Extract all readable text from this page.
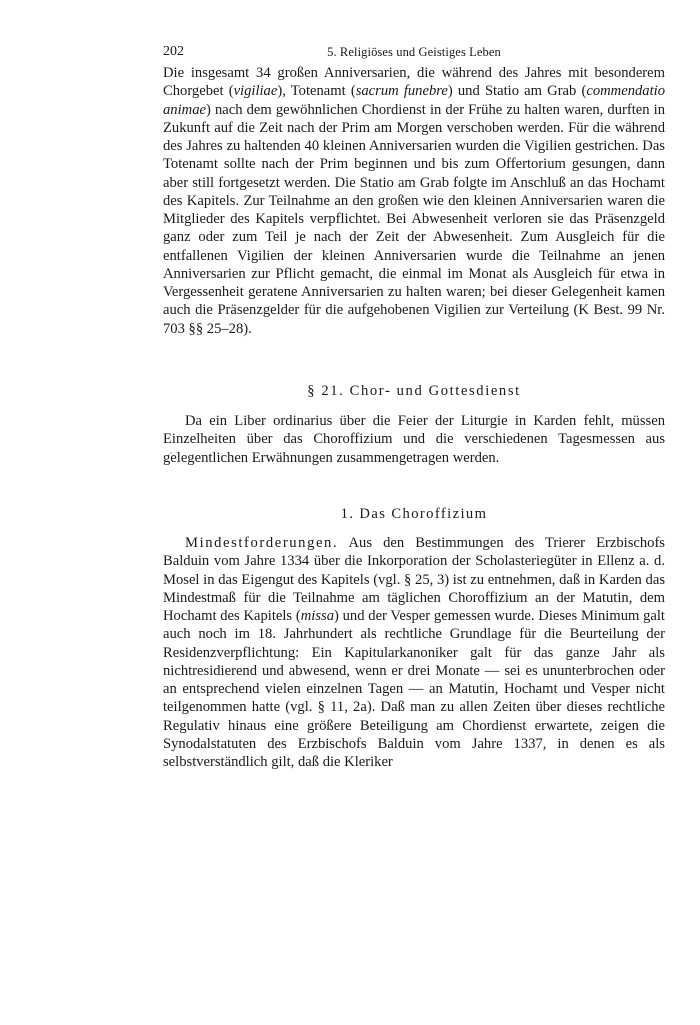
202	5. Religiöses und Geistiges Leben

Die insgesamt 34 großen Anniversarien, die während des Jahres mit besonderem Chorgebet (vigiliae), Totenamt (sacrum funebre) und Statio am Grab (commendatio animae) nach dem gewöhnlichen Chordienst in der Frühe zu halten waren, durften in Zukunft auf die Zeit nach der Prim am Morgen verschoben werden. Für die während des Jahres zu haltenden 40 kleinen Anniversarien wurden die Vigilien gestrichen. Das Totenamt sollte nach der Prim beginnen und bis zum Offertorium gesungen, dann aber still fortgesetzt werden. Die Statio am Grab folgte im Anschluß an das Hochamt des Kapitels. Zur Teilnahme an den großen wie den kleinen Anniversarien waren die Mitglieder des Kapitels verpflichtet. Bei Abwesenheit verloren sie das Präsenzgeld ganz oder zum Teil je nach der Zeit der Abwesenheit. Zum Ausgleich für die entfallenen Vigilien der kleinen Anniversarien wurde die Teilnahme an jenen Anniversarien zur Pflicht gemacht, die einmal im Monat als Ausgleich für etwa in Vergessenheit geratene Anniversarien zu halten waren; bei dieser Gelegenheit kamen auch die Präsenzgelder für die aufgehobenen Vigilien zur Verteilung (K Best. 99 Nr. 703 §§ 25–28).

§ 21. Chor- und Gottesdienst

Da ein Liber ordinarius über die Feier der Liturgie in Karden fehlt, müssen Einzelheiten über das Choroffizium und die verschiedenen Tagesmessen aus gelegentlichen Erwähnungen zusammengetragen werden.

1. Das Choroffizium

Mindestforderungen. Aus den Bestimmungen des Trierer Erzbischofs Balduin vom Jahre 1334 über die Inkorporation der Scholasteriegüter in Ellenz a. d. Mosel in das Eigengut des Kapitels (vgl. § 25, 3) ist zu entnehmen, daß in Karden das Mindestmaß für die Teilnahme am täglichen Choroffizium an der Matutin, dem Hochamt des Kapitels (missa) und der Vesper gemessen wurde. Dieses Minimum galt auch noch im 18. Jahrhundert als rechtliche Grundlage für die Beurteilung der Residenzverpflichtung: Ein Kapitularkanoniker galt für das ganze Jahr als nichtresidierend und abwesend, wenn er drei Monate — sei es ununterbrochen oder an entsprechend vielen einzelnen Tagen — an Matutin, Hochamt und Vesper nicht teilgenommen hatte (vgl. § 11, 2a). Daß man zu allen Zeiten über dieses rechtliche Regulativ hinaus eine größere Beteiligung am Chordienst erwartete, zeigen die Synodalstatuten des Erzbischofs Balduin vom Jahre 1337, in denen es als selbstverständlich gilt, daß die Kleriker
